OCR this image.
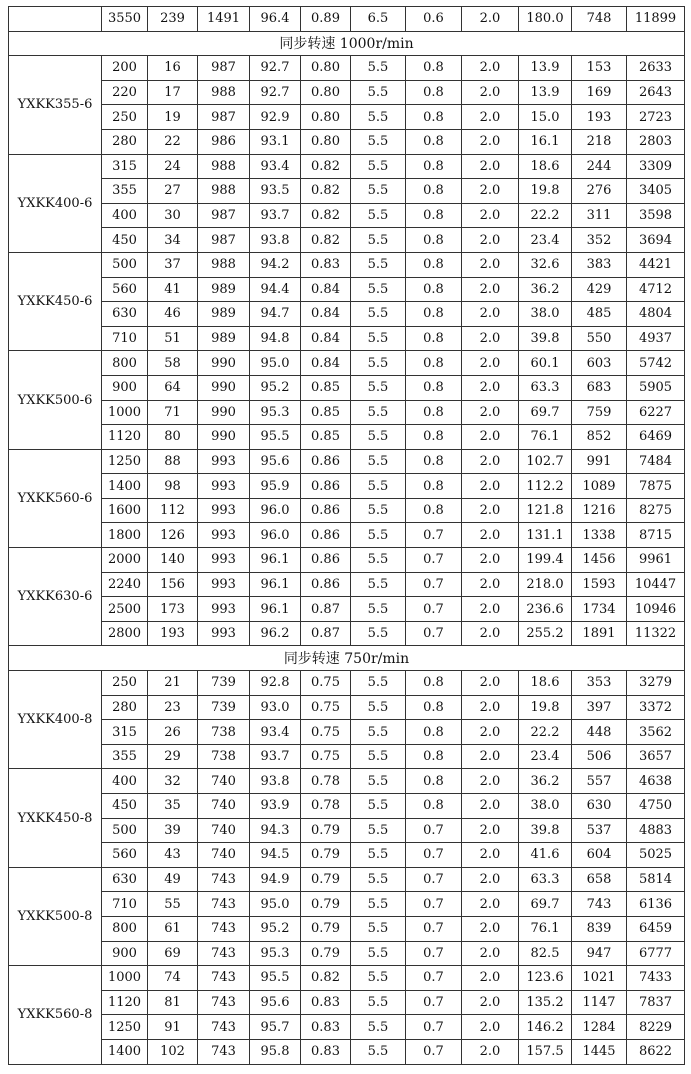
	3550	239	1491	96.4	0.89	6.5	0.6	2.0	180.0	748	11899
同步转速 1000r/min											
YXKK355-6	200	16	987	92.7	0.80	5.5	0.8	2.0	13.9	153	2633
	220	17	988	92.7	0.80	5.5	0.8	2.0	13.9	169	2643
	250	19	987	92.9	0.80	5.5	0.8	2.0	15.0	193	2723
	280	22	986	93.1	0.80	5.5	0.8	2.0	16.1	218	2803
YXKK400-6	315	24	988	93.4	0.82	5.5	0.8	2.0	18.6	244	3309
	355	27	988	93.5	0.82	5.5	0.8	2.0	19.8	276	3405
	400	30	987	93.7	0.82	5.5	0.8	2.0	22.2	311	3598
	450	34	987	93.8	0.82	5.5	0.8	2.0	23.4	352	3694
YXKK450-6	500	37	988	94.2	0.83	5.5	0.8	2.0	32.6	383	4421
	560	41	989	94.4	0.84	5.5	0.8	2.0	36.2	429	4712
	630	46	989	94.7	0.84	5.5	0.8	2.0	38.0	485	4804
	710	51	989	94.8	0.84	5.5	0.8	2.0	39.8	550	4937
YXKK500-6	800	58	990	95.0	0.84	5.5	0.8	2.0	60.1	603	5742
	900	64	990	95.2	0.85	5.5	0.8	2.0	63.3	683	5905
	1000	71	990	95.3	0.85	5.5	0.8	2.0	69.7	759	6227
	1120	80	990	95.5	0.85	5.5	0.8	2.0	76.1	852	6469
YXKK560-6	1250	88	993	95.6	0.86	5.5	0.8	2.0	102.7	991	7484
	1400	98	993	95.9	0.86	5.5	0.8	2.0	112.2	1089	7875
	1600	112	993	96.0	0.86	5.5	0.8	2.0	121.8	1216	8275
	1800	126	993	96.0	0.86	5.5	0.7	2.0	131.1	1338	8715
YXKK630-6	2000	140	993	96.1	0.86	5.5	0.7	2.0	199.4	1456	9961
	2240	156	993	96.1	0.86	5.5	0.7	2.0	218.0	1593	10447
	2500	173	993	96.1	0.87	5.5	0.7	2.0	236.6	1734	10946
	2800	193	993	96.2	0.87	5.5	0.7	2.0	255.2	1891	11322
同步转速 750r/min											
YXKK400-8	250	21	739	92.8	0.75	5.5	0.8	2.0	18.6	353	3279
	280	23	739	93.0	0.75	5.5	0.8	2.0	19.8	397	3372
	315	26	738	93.4	0.75	5.5	0.8	2.0	22.2	448	3562
	355	29	738	93.7	0.75	5.5	0.8	2.0	23.4	506	3657
YXKK450-8	400	32	740	93.8	0.78	5.5	0.8	2.0	36.2	557	4638
	450	35	740	93.9	0.78	5.5	0.8	2.0	38.0	630	4750
	500	39	740	94.3	0.79	5.5	0.7	2.0	39.8	537	4883
	560	43	740	94.5	0.79	5.5	0.7	2.0	41.6	604	5025
YXKK500-8	630	49	743	94.9	0.79	5.5	0.7	2.0	63.3	658	5814
	710	55	743	95.0	0.79	5.5	0.7	2.0	69.7	743	6136
	800	61	743	95.2	0.79	5.5	0.7	2.0	76.1	839	6459
	900	69	743	95.3	0.79	5.5	0.7	2.0	82.5	947	6777
YXKK560-8	1000	74	743	95.5	0.82	5.5	0.7	2.0	123.6	1021	7433
	1120	81	743	95.6	0.83	5.5	0.7	2.0	135.2	1147	7837
	1250	91	743	95.7	0.83	5.5	0.7	2.0	146.2	1284	8229
	1400	102	743	95.8	0.83	5.5	0.7	2.0	157.5	1445	8622
